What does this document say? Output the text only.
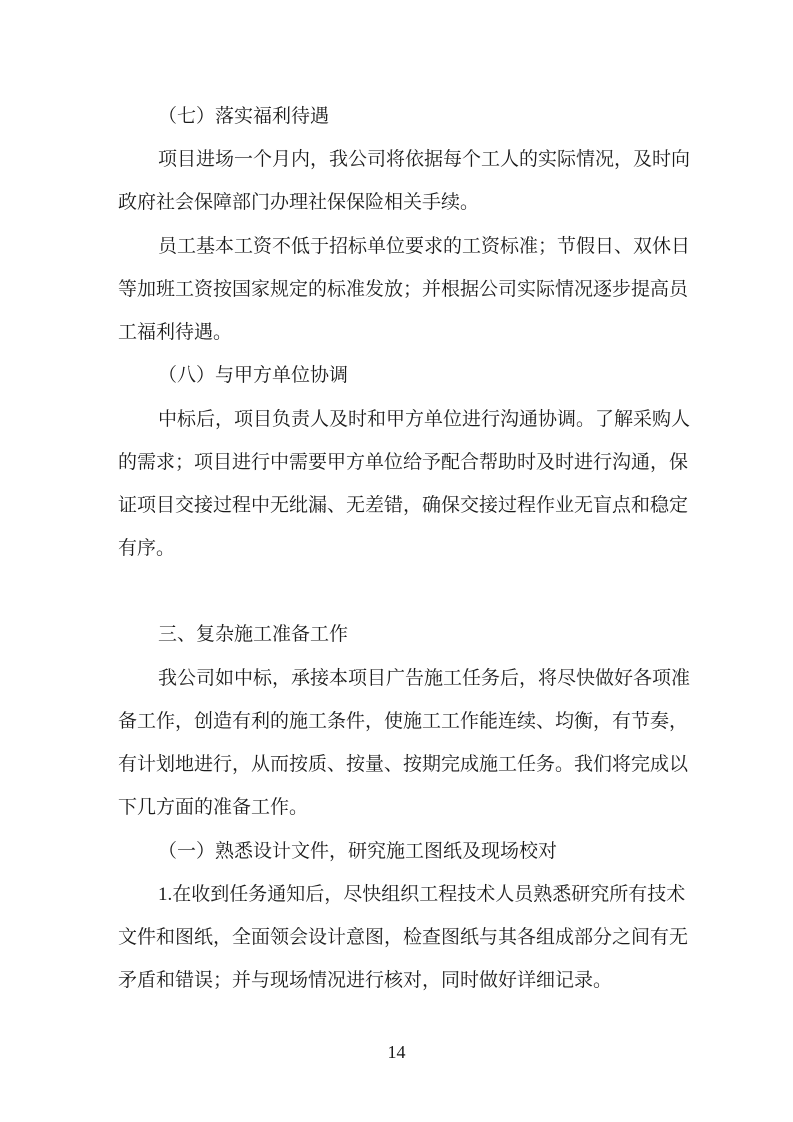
（七）落实福利待遇
项目进场一个月内，我公司将依据每个工人的实际情况，及时向
政府社会保障部门办理社保保险相关手续。
员工基本工资不低于招标单位要求的工资标准；节假日、双休日
等加班工资按国家规定的标准发放；并根据公司实际情况逐步提高员
工福利待遇。
（八）与甲方单位协调
中标后，项目负责人及时和甲方单位进行沟通协调。了解采购人
的需求；项目进行中需要甲方单位给予配合帮助时及时进行沟通，保
证项目交接过程中无纰漏、无差错，确保交接过程作业无盲点和稳定
有序。
三、复杂施工准备工作
我公司如中标，承接本项目广告施工任务后，将尽快做好各项准
备工作，创造有利的施工条件，使施工工作能连续、均衡，有节奏，
有计划地进行，从而按质、按量、按期完成施工任务。我们将完成以
下几方面的准备工作。
（一）熟悉设计文件，研究施工图纸及现场校对
1.在收到任务通知后，尽快组织工程技术人员熟悉研究所有技术
文件和图纸，全面领会设计意图，检查图纸与其各组成部分之间有无
矛盾和错误；并与现场情况进行核对，同时做好详细记录。
14
